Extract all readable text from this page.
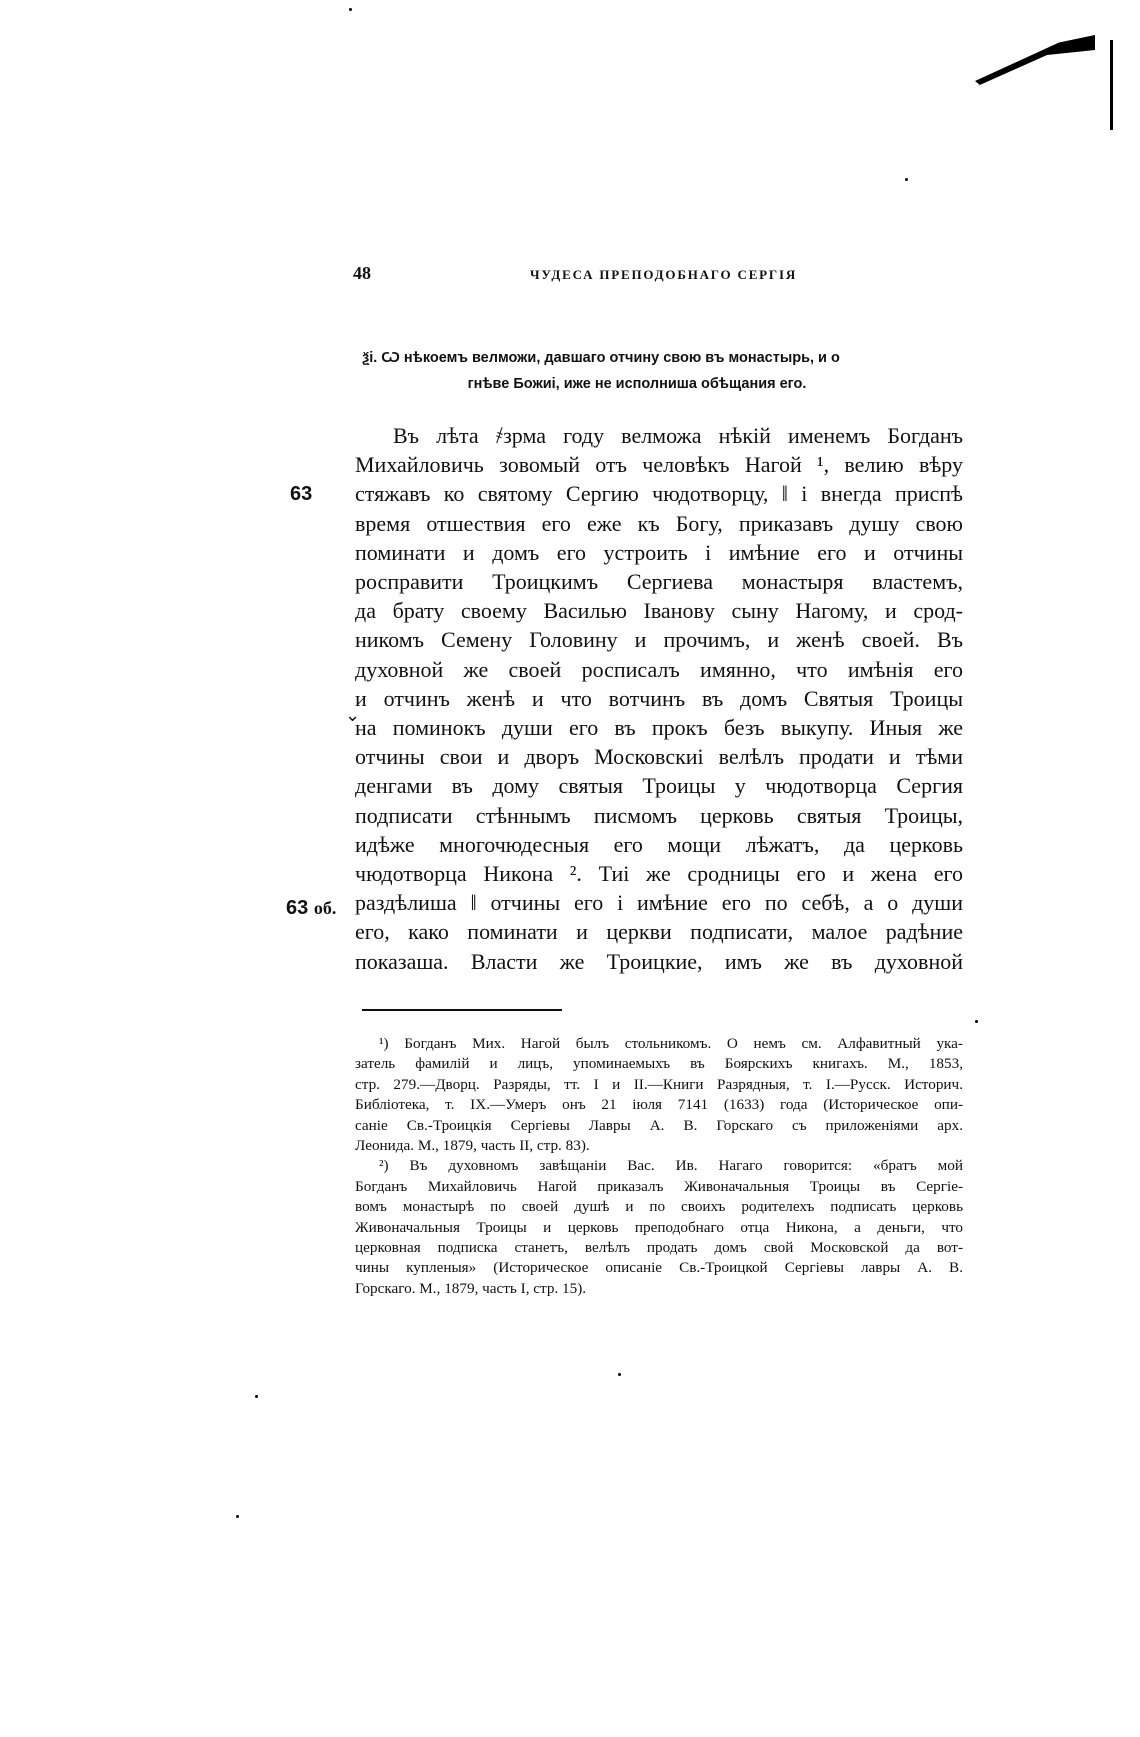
48	ЧУДЕСА ПРЕПОДОБНАГО СЕРГІЯ
ѯі. Ѡ нѣкоемъ велможи, давшаго отчину свою въ монастырь, и о
гнѣве Божиі, иже не исполниша обѣщания его.
63
63 об.
⌄
Въ лѣта ҂зрма году велможа нѣкій именемъ Богданъ
Михайловичь зовомый отъ человѣкъ Нагой ¹, велию вѣру
стяжавъ ко святому Сергию чюдотворцу, ‖ і внегда приспѣ
время отшествия его еже къ Богу, приказавъ душу свою
поминати и домъ его устроить і имѣние его и отчины
росправити Троицкимъ Сергиева монастыря властемъ,
да брату своему Василью Івановy сыну Нагому, и срод-
никомъ Семену Головину и прочимъ, и женѣ своей. Въ
духовной же своей росписалъ имянно, что имѣнія его
и отчинъ женѣ и что вотчинъ въ домъ Святыя Троицы
на поминокъ души его въ прокъ безъ выкупу. Иныя же
отчины свои и дворъ Московскиі велѣлъ продати и тѣми
денгами въ дому святыя Троицы у чюдотворца Сергия
подписати стѣннымъ писмомъ церковь святыя Троицы,
идѣже многочюдесныя его мощи лѣжатъ, да церковь
чюдотворца Никона ². Тиі же сродницы его и жена его
раздѣлиша ‖ отчины его і имѣние его по себѣ, а о души
его, како поминати и церкви подписати, малое радѣние
показаша. Власти же Троицкие, имъ же въ духовной
¹) Богданъ Мих. Нагой былъ стольникомъ. О немъ см. Алфавитный ука-
затель фамилій и лицъ, упоминаемыхъ въ Боярскихъ книгахъ. М., 1853,
стр. 279.—Дворц. Разряды, тт. I и II.—Книги Разрядныя, т. I.—Русск. Историч.
Библіотека, т. IX.—Умеръ онъ 21 іюля 7141 (1633) года (Историческое опи-
саніе Св.-Троицкія Сергіевы Лавры А. В. Горскаго съ приложеніями арх.
Леонида. М., 1879, часть II, стр. 83).
²) Въ духовномъ завѣщаніи Вас. Ив. Нагаго говорится: «братъ мой
Богданъ Михайловичь Нагой приказалъ Живоначальныя Троицы въ Сергіе-
вомъ монастырѣ по своей душѣ и по своихъ родителехъ подписать церковь
Живоначальныя Троицы и церковь преподобнаго отца Никона, а деньги, что
церковная подписка станетъ, велѣлъ продать домъ свой Московской да вот-
чины купленыя» (Историческое описаніе Св.-Троицкой Сергіевы лавры А. В.
Горскаго. М., 1879, часть I, стр. 15).
